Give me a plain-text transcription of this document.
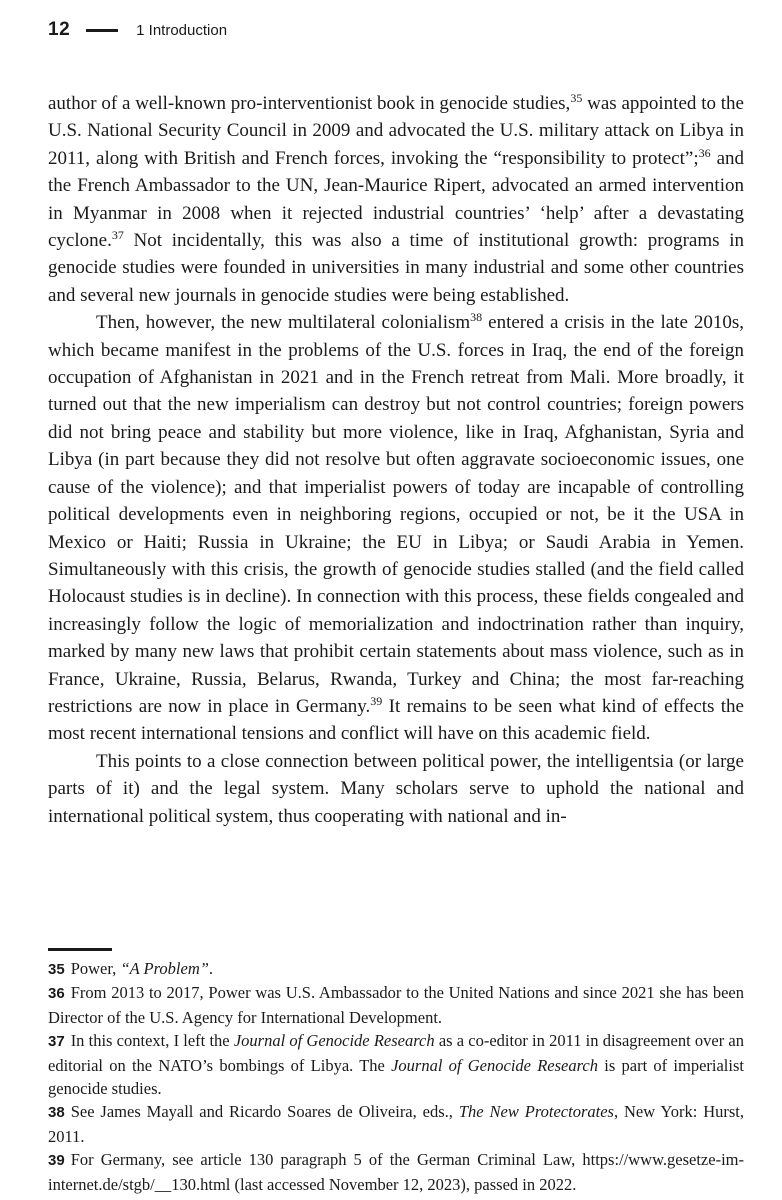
12	1 Introduction

author of a well-known pro-interventionist book in genocide studies,$^{35}$ was appointed to the U.S. National Security Council in 2009 and advocated the U.S. military attack on Libya in 2011, along with British and French forces, invoking the “responsibility to protect”;$^{36}$ and the French Ambassador to the UN, Jean-Maurice Ripert, advocated an armed intervention in Myanmar in 2008 when it rejected industrial countries’ ‘help’ after a devastating cyclone.$^{37}$ Not incidentally, this was also a time of institutional growth: programs in genocide studies were founded in universities in many industrial and some other countries and several new journals in genocide studies were being established.

Then, however, the new multilateral colonialism$^{38}$ entered a crisis in the late 2010s, which became manifest in the problems of the U.S. forces in Iraq, the end of the foreign occupation of Afghanistan in 2021 and in the French retreat from Mali. More broadly, it turned out that the new imperialism can destroy but not control countries; foreign powers did not bring peace and stability but more violence, like in Iraq, Afghanistan, Syria and Libya (in part because they did not resolve but often aggravate socioeconomic issues, one cause of the violence); and that imperialist powers of today are incapable of controlling political developments even in neighboring regions, occupied or not, be it the USA in Mexico or Haiti; Russia in Ukraine; the EU in Libya; or Saudi Arabia in Yemen. Simultaneously with this crisis, the growth of genocide studies stalled (and the field called Holocaust studies is in decline). In connection with this process, these fields congealed and increasingly follow the logic of memorialization and indoctrination rather than inquiry, marked by many new laws that prohibit certain statements about mass violence, such as in France, Ukraine, Russia, Belarus, Rwanda, Turkey and China; the most far-reaching restrictions are now in place in Germany.$^{39}$ It remains to be seen what kind of effects the most recent international tensions and conflict will have on this academic field.

This points to a close connection between political power, the intelligentsia (or large parts of it) and the legal system. Many scholars serve to uphold the national and international political system, thus cooperating with national and in-

35 Power, “A Problem”.

36 From 2013 to 2017, Power was U.S. Ambassador to the United Nations and since 2021 she has been Director of the U.S. Agency for International Development.

37 In this context, I left the Journal of Genocide Research as a co-editor in 2011 in disagreement over an editorial on the NATO’s bombings of Libya. The Journal of Genocide Research is part of imperialist genocide studies.

38 See James Mayall and Ricardo Soares de Oliveira, eds., The New Protectorates, New York: Hurst, 2011.

39 For Germany, see article 130 paragraph 5 of the German Criminal Law, https://www.gesetze-im-internet.de/stgb/__130.html (last accessed November 12, 2023), passed in 2022.
